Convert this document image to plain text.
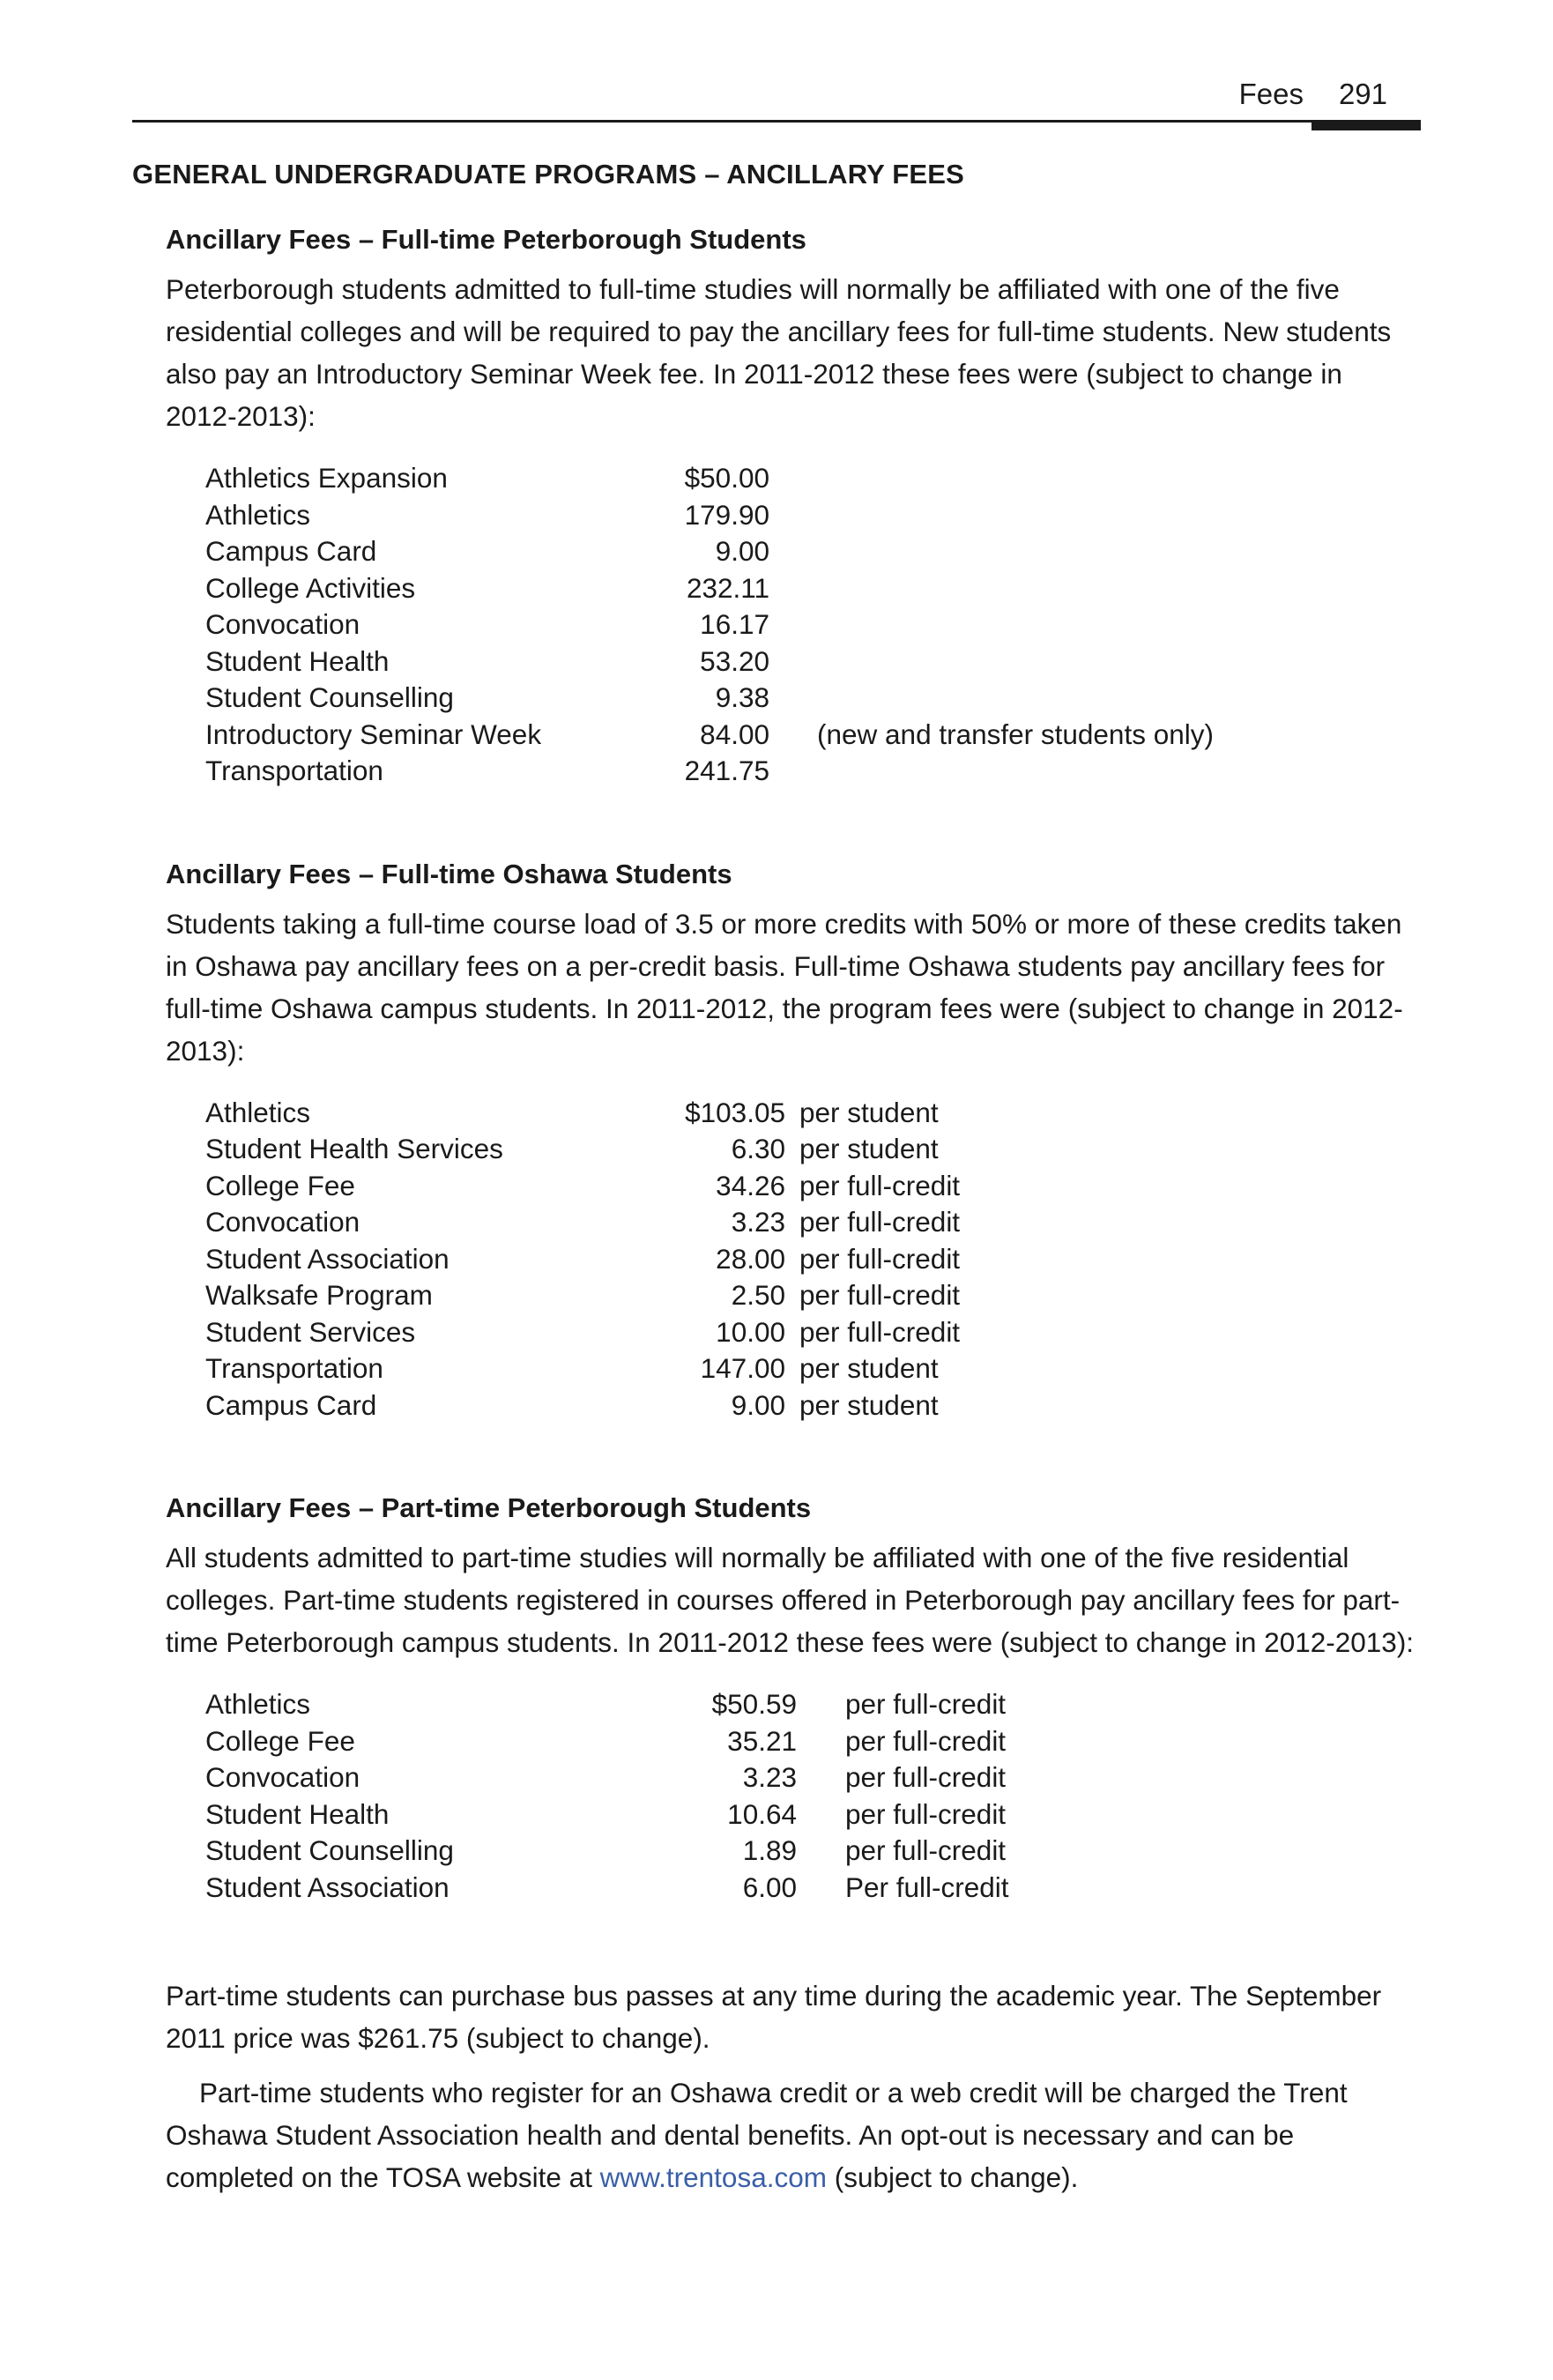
Fees 291
GENERAL UNDERGRADUATE PROGRAMS – ANCILLARY FEES
Ancillary Fees – Full-time Peterborough Students

Peterborough students admitted to full-time studies will normally be affiliated with one of the five residential colleges and will be required to pay the ancillary fees for full-time students. New students also pay an Introductory Seminar Week fee. In 2011-2012 these fees were (subject to change in 2012-2013):

Athletics Expansion	$50.00
Athletics	179.90
Campus Card	9.00
College Activities	232.11
Convocation	16.17
Student Health	53.20
Student Counselling	9.38
Introductory Seminar Week	84.00 (new and transfer students only)
Transportation	241.75
Ancillary Fees – Full-time Oshawa Students

Students taking a full-time course load of 3.5 or more credits with 50% or more of these credits taken in Oshawa pay ancillary fees on a per-credit basis. Full-time Oshawa students pay ancillary fees for full-time Oshawa campus students. In 2011-2012, the program fees were (subject to change in 2012-2013):

Athletics	$103.05 per student
Student Health Services	6.30 per student
College Fee	34.26 per full-credit
Convocation	3.23 per full-credit
Student Association	28.00 per full-credit
Walksafe Program	2.50 per full-credit
Student Services	10.00 per full-credit
Transportation	147.00 per student
Campus Card	9.00 per student
Ancillary Fees – Part-time Peterborough Students

All students admitted to part-time studies will normally be affiliated with one of the five residential colleges. Part-time students registered in courses offered in Peterborough pay ancillary fees for part-time Peterborough campus students. In 2011-2012 these fees were (subject to change in 2012-2013):

Athletics	$50.59 per full-credit
College Fee	35.21 per full-credit
Convocation	3.23 per full-credit
Student Health	10.64 per full-credit
Student Counselling	1.89 per full-credit
Student Association	6.00 Per full-credit

Part-time students can purchase bus passes at any time during the academic year. The September 2011 price was $261.75 (subject to change).

Part-time students who register for an Oshawa credit or a web credit will be charged the Trent Oshawa Student Association health and dental benefits. An opt-out is necessary and can be completed on the TOSA website at www.trentosa.com (subject to change).
